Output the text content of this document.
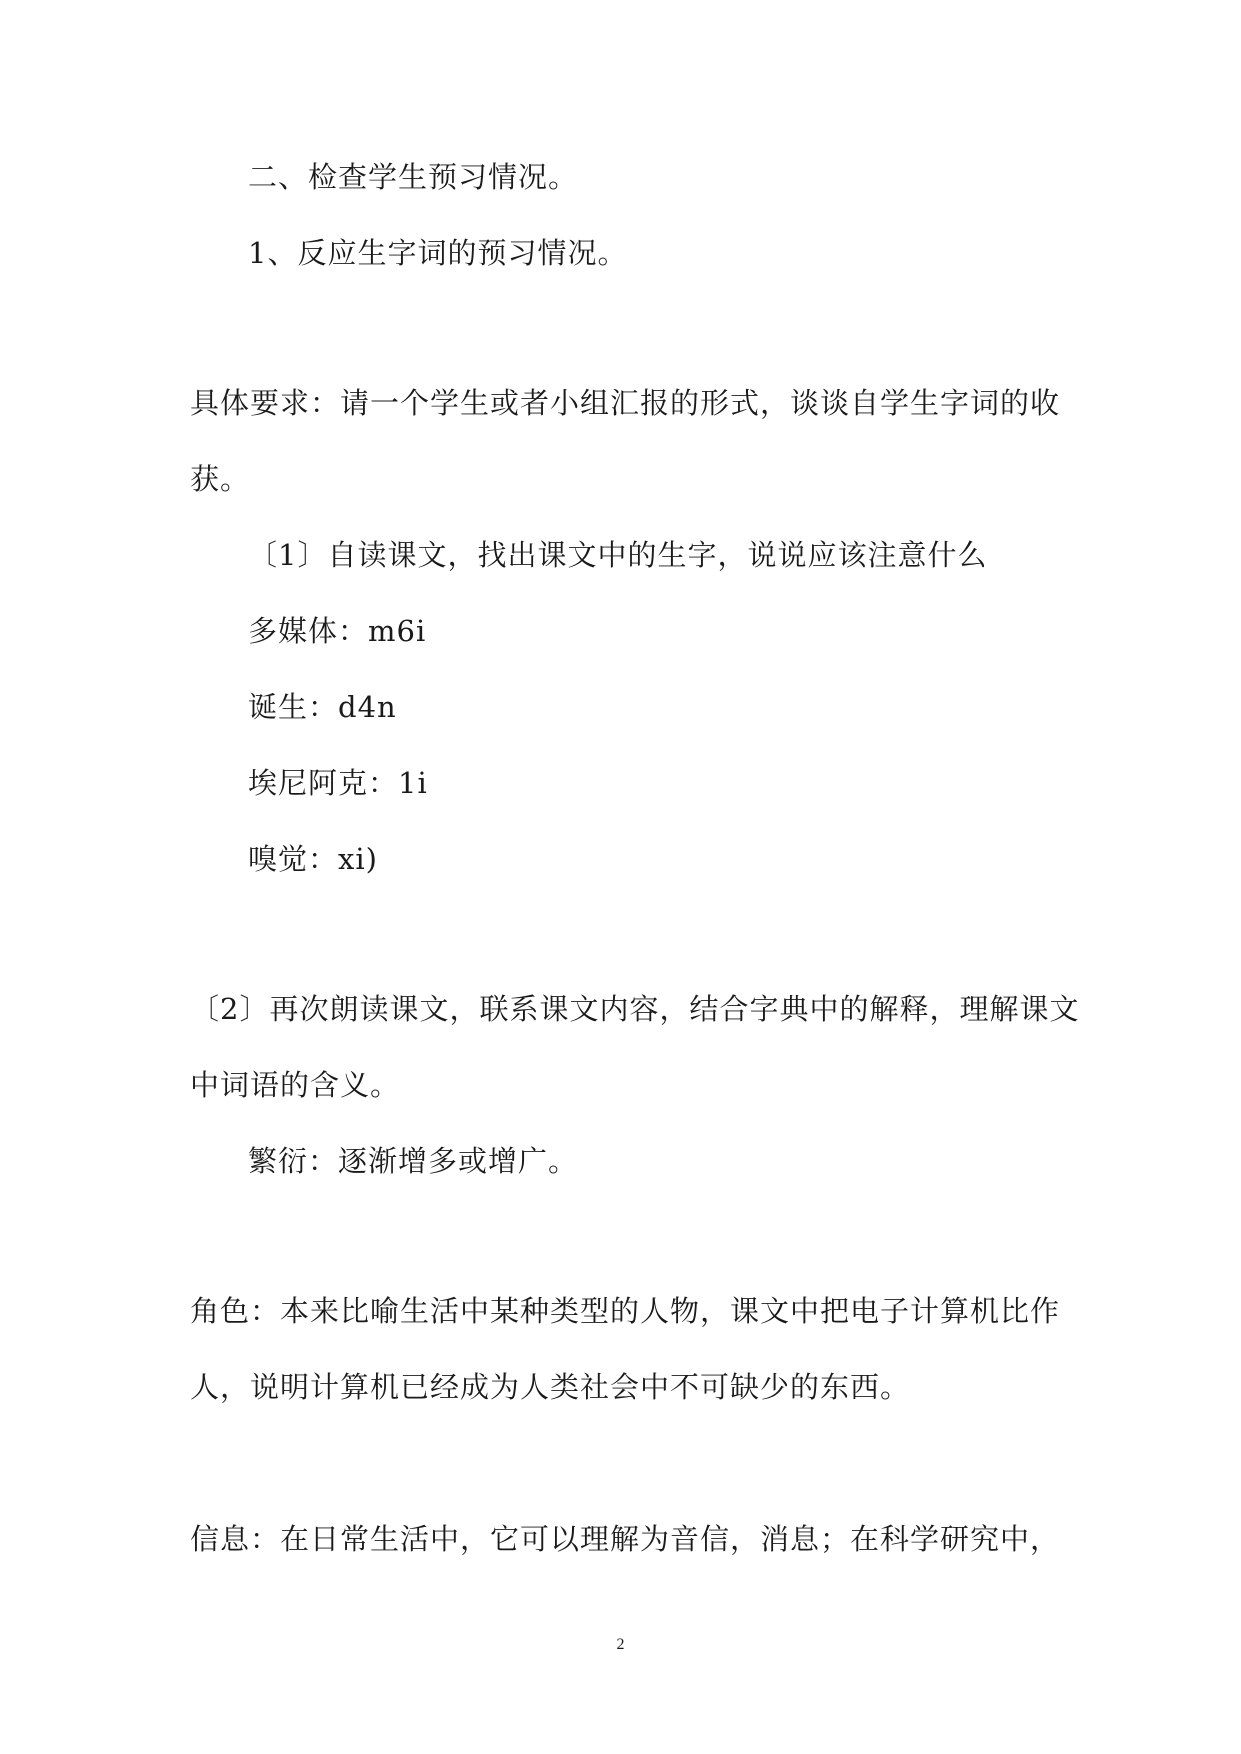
二、检查学生预习情况。
1、反应生字词的预习情况。
具体要求：请一个学生或者小组汇报的形式，谈谈自学生字词的收
获。
〔1〕自读课文，找出课文中的生字，说说应该注意什么
多媒体：m6i
诞生：d4n
埃尼阿克：1i
嗅觉：xi)
〔2〕再次朗读课文，联系课文内容，结合字典中的解释，理解课文
中词语的含义。
繁衍：逐渐增多或增广。
角色：本来比喻生活中某种类型的人物，课文中把电子计算机比作
人，说明计算机已经成为人类社会中不可缺少的东西。
信息：在日常生活中，它可以理解为音信，消息；在科学研究中，
2
